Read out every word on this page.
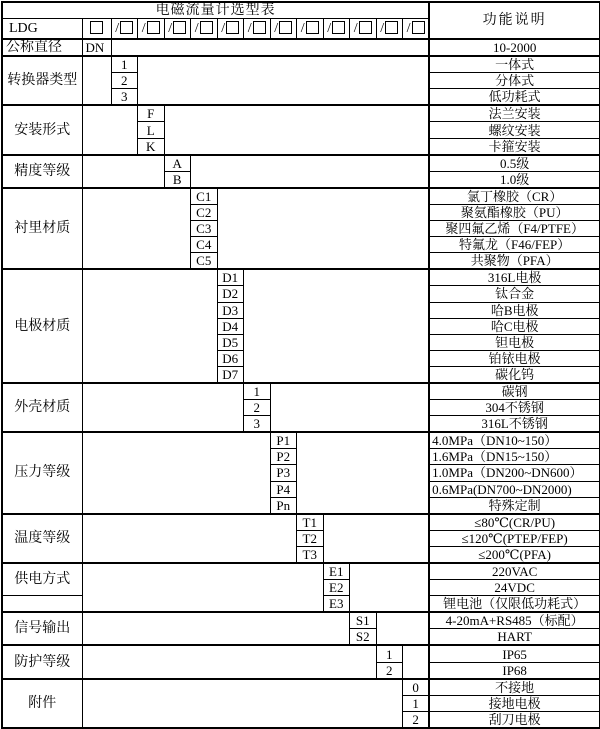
电磁流量计选型表														功能说明
LDG		/	/	/	/	/	/	/	/	/	/	/	/	
公称直径	DN													10-2000
转换器类型		1												一体式
		2												分体式
		3												低功耗式
安装形式			F											法兰安装
			L											螺纹安装
			K											卡箍安装
精度等级				A										0.5级
				B										1.0级
衬里材质					C1									氯丁橡胶（CR）
					C2									聚氨酯橡胶（PU）
					C3									聚四氟乙烯（F4/PTFE）
					C4									特氟龙（F46/FEP）
					C5									共聚物（PFA）
电极材质						D1								316L电极
						D2								钛合金
						D3								哈B电极
						D4								哈C电极
						D5								钽电极
						D6								铂铱电极
						D7								碳化钨
外壳材质							1							碳钢
							2							304不锈钢
							3							316L不锈钢
压力等级								P1						4.0MPa（DN10~150）
								P2						1.6MPa（DN15~150）
								P3						1.0MPa（DN200~DN600）
								P4						0.6MPa(DN700~DN2000)
								Pn						特殊定制
温度等级									T1					≤80℃(CR/PU)
									T2					≤120℃(PTEP/FEP)
									T3					≤200℃(PFA)
供电方式										E1				220VAC
										E2				24VDC
										E3				锂电池（仅限低功耗式）
信号输出											S1			4-20mA+RS485（标配）
											S2			HART
防护等级												1		IP65
												2		IP68
附件													0	不接地
													1	接地电极
													2	刮刀电极
